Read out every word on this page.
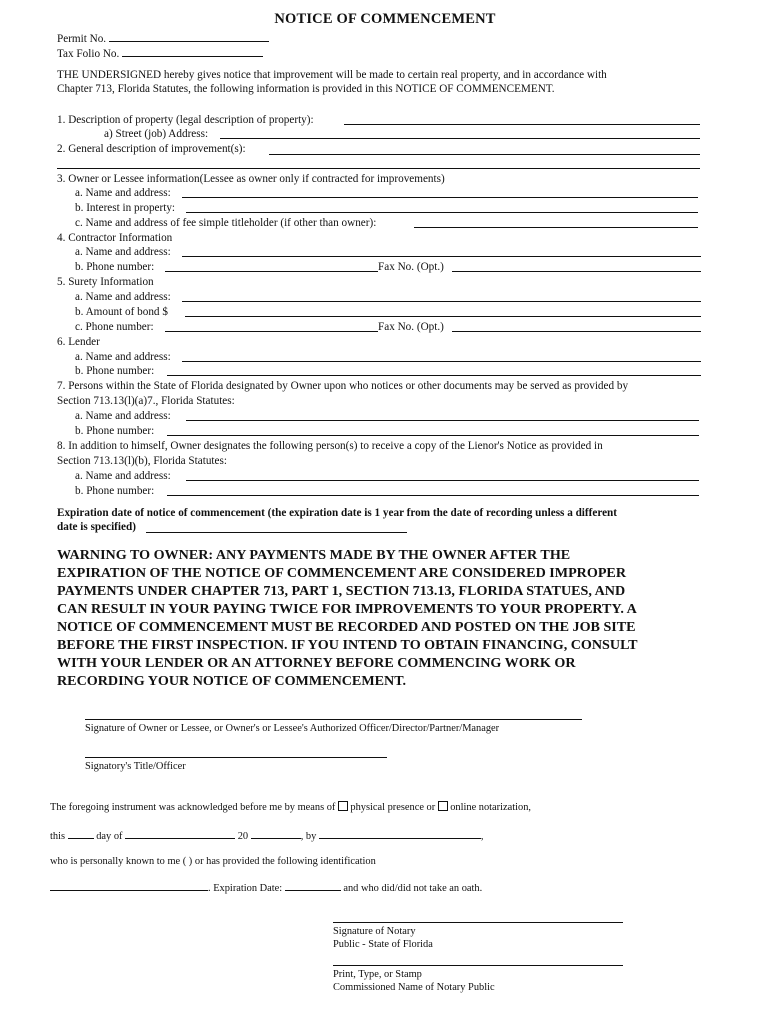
NOTICE OF COMMENCEMENT
Permit No.
Tax Folio No.
THE UNDERSIGNED hereby gives notice that improvement will be made to certain real property, and in accordance with
Chapter 713, Florida Statutes, the following information is provided in this NOTICE OF COMMENCEMENT.
1. Description of property (legal description of property):
a) Street (job) Address:
2. General description of improvement(s):
3. Owner or Lessee information(Lessee as owner only if contracted for improvements)
a. Name and address:
b. Interest in property:
c. Name and address of fee simple titleholder (if other than owner):
4. Contractor Information
a. Name and address:
b. Phone number:	Fax No. (Opt.)
5. Surety Information
a. Name and address:
b. Amount of bond $
c. Phone number:	Fax No. (Opt.)
6. Lender
a. Name and address:
b. Phone number:
7. Persons within the State of Florida designated by Owner upon who notices or other documents may be served as provided by
Section 713.13(l)(a)7., Florida Statutes:
a. Name and address:
b. Phone number:
8. In addition to himself, Owner designates the following person(s) to receive a copy of the Lienor's Notice as provided in
Section 713.13(l)(b), Florida Statutes:
a. Name and address:
b. Phone number:
Expiration date of notice of commencement (the expiration date is 1 year from the date of recording unless a different
date is specified)
WARNING TO OWNER: ANY PAYMENTS MADE BY THE OWNER AFTER THE
EXPIRATION OF THE NOTICE OF COMMENCEMENT ARE CONSIDERED IMPROPER
PAYMENTS UNDER CHAPTER 713, PART 1, SECTION 713.13, FLORIDA STATUES, AND
CAN RESULT IN YOUR PAYING TWICE FOR IMPROVEMENTS TO YOUR PROPERTY. A
NOTICE OF COMMENCEMENT MUST BE RECORDED AND POSTED ON THE JOB SITE
BEFORE THE FIRST INSPECTION. IF YOU INTEND TO OBTAIN FINANCING, CONSULT
WITH YOUR LENDER OR AN ATTORNEY BEFORE COMMENCING WORK OR
RECORDING YOUR NOTICE OF COMMENCEMENT.
Signature of Owner or Lessee, or Owner's or Lessee's Authorized Officer/Director/Partner/Manager
Signatory's Title/Officer
The foregoing instrument was acknowledged before me by means of physical presence or online notarization,
this	day of	20	, by	,
who is personally known to me ( ) or has provided the following identification
. Expiration Date:	and who did/did not take an oath.
Signature of Notary
Public - State of Florida
Print, Type, or Stamp
Commissioned Name of Notary Public
